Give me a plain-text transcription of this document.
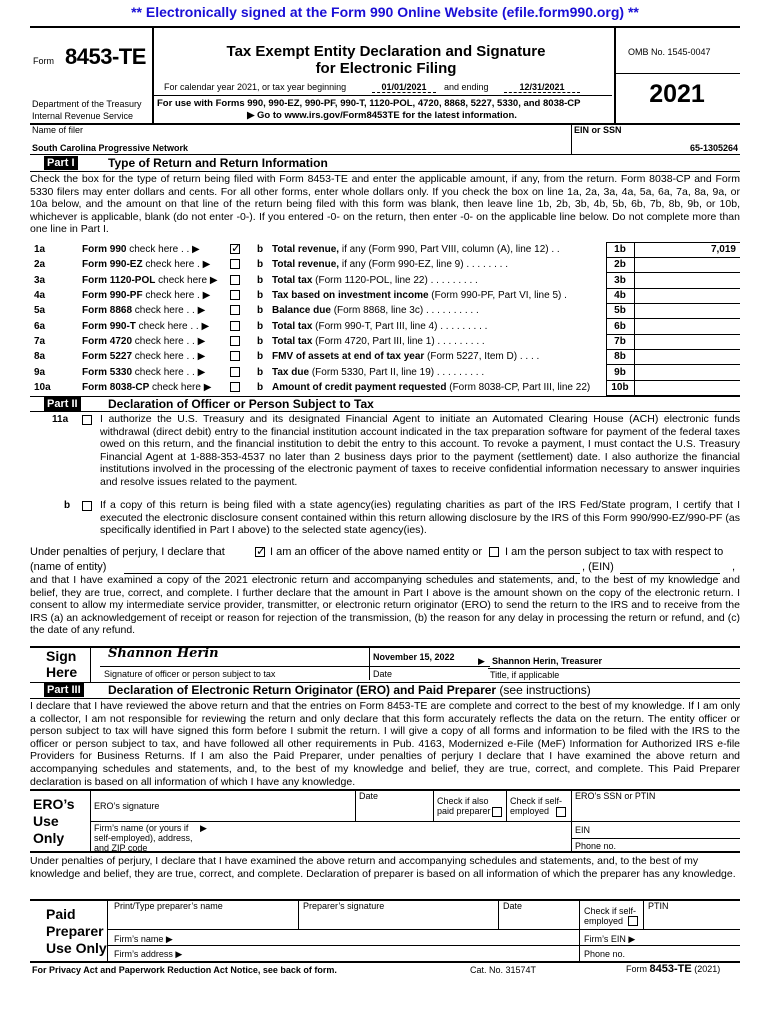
** Electronically signed at the Form 990 Online Website (efile.form990.org) **
Form 8453-TE
Department of the Treasury
Internal Revenue Service
Tax Exempt Entity Declaration and Signature
for Electronic Filing
For calendar year 2021, or tax year beginning	01/01/2021	and ending	12/31/2021
For use with Forms 990, 990-EZ, 990-PF, 990-T, 1120-POL, 4720, 8868, 5227, 5330, and 8038-CP
▶ Go to www.irs.gov/Form8453TE for the latest information.
OMB No. 1545-0047
2021
Name of filer
South Carolina Progressive Network
EIN or SSN
65-1305264
Part I	Type of Return and Return Information
Check the box for the type of return being filed with Form 8453-TE and enter the applicable amount, if any, from the return. Form 8038-CP and Form 5330 filers may enter dollars and cents. For all other forms, enter whole dollars only. If you check the box on line 1a, 2a, 3a, 4a, 5a, 6a, 7a, 8a, 9a, or 10a below, and the amount on that line of the return being filed with this form was blank, then leave line 1b, 2b, 3b, 4b, 5b, 6b, 7b, 8b, 9b, or 10b, whichever is applicable, blank (do not enter -0-). If you entered -0- on the return, then enter -0- on the applicable line below. Do not complete more than one line in Part I.
1a	Form 990 check here . . ▶ ✓	b Total revenue, if any (Form 990, Part VIII, column (A), line 12) . .	1b	7,019
2a	Form 990-EZ check here . ▶	b Total revenue, if any (Form 990-EZ, line 9) . . . . . . . .	2b
3a	Form 1120-POL check here ▶	b Total tax (Form 1120-POL, line 22) . . . . . . . . .	3b
4a	Form 990-PF check here . ▶	b Tax based on investment income (Form 990-PF, Part VI, line 5) .	4b
5a	Form 8868 check here . . ▶	b Balance due (Form 8868, line 3c) . . . . . . . . . .	5b
6a	Form 990-T check here . . ▶	b Total tax (Form 990-T, Part III, line 4) . . . . . . . . .	6b
7a	Form 4720 check here . . ▶	b Total tax (Form 4720, Part III, line 1) . . . . . . . . .	7b
8a	Form 5227 check here . . ▶	b FMV of assets at end of tax year (Form 5227, Item D) . . . .	8b
9a	Form 5330 check here . . ▶	b Tax due (Form 5330, Part II, line 19) . . . . . . . . .	9b
10a	Form 8038-CP check here ▶	b Amount of credit payment requested (Form 8038-CP, Part III, line 22)	10b
Part II	Declaration of Officer or Person Subject to Tax
11a	I authorize the U.S. Treasury and its designated Financial Agent to initiate an Automated Clearing House (ACH) electronic funds withdrawal (direct debit) entry to the financial institution account indicated in the tax preparation software for payment of the federal taxes owed on this return, and the financial institution to debit the entry to this account. To revoke a payment, I must contact the U.S. Treasury Financial Agent at 1-888-353-4537 no later than 2 business days prior to the payment (settlement) date. I also authorize the financial institutions involved in the processing of the electronic payment of taxes to receive confidential information necessary to answer inquiries and resolve issues related to the payment.
b	If a copy of this return is being filed with a state agency(ies) regulating charities as part of the IRS Fed/State program, I certify that I executed the electronic disclosure consent contained within this return allowing disclosure by the IRS of this Form 990/990-EZ/990-PF (as specifically identified in Part I above) to the selected state agency(ies).
Under penalties of perjury, I declare that ✓	I am an officer of the above named entity or I am the person subject to tax with respect to
(name of entity)	, (EIN)	,
and that I have examined a copy of the 2021 electronic return and accompanying schedules and statements, and, to the best of my knowledge and belief, they are true, correct, and complete. I further declare that the amount in Part I above is the amount shown on the copy of the electronic return. I consent to allow my intermediate service provider, transmitter, or electronic return originator (ERO) to send the return to the IRS and to receive from the IRS (a) an acknowledgement of receipt or reason for rejection of the transmission, (b) the reason for any delay in processing the return or refund, and (c) the date of any refund.
Sign
Here
Shannon Herin
Signature of officer or person subject to tax
November 15, 2022
Date
▶ Shannon Herin, Treasurer
Title, if applicable
Part III Declaration of Electronic Return Originator (ERO) and Paid Preparer (see instructions)
I declare that I have reviewed the above return and that the entries on Form 8453-TE are complete and correct to the best of my knowledge. If I am only a collector, I am not responsible for reviewing the return and only declare that this form accurately reflects the data on the return. The entity officer or person subject to tax will have signed this form before I submit the return. I will give a copy of all forms and information to be filed with the IRS to the officer or person subject to tax, and have followed all other requirements in Pub. 4163, Modernized e-File (MeF) Information for Authorized IRS e-file Providers for Business Returns. If I am also the Paid Preparer, under penalties of perjury I declare that I have examined the above return and accompanying schedules and statements, and, to the best of my knowledge and belief, they are true, correct, and complete. This Paid Preparer declaration is based on all information of which I have any knowledge.
ERO’s
Use
Only
ERO’s signature
Date	Check if also paid preparer
Check if self-employed
ERO’s SSN or PTIN
Firm’s name (or yours if self-employed), address, and ZIP code
▶	EIN
Phone no.
Under penalties of perjury, I declare that I have examined the above return and accompanying schedules and statements, and, to the best of my knowledge and belief, they are true, correct, and complete. Declaration of preparer is based on all information of which the preparer has any knowledge.
Paid
Preparer
Use Only
Print/Type preparer’s name	Preparer’s signature	Date	Check if self-employed
PTIN
Firm’s name ▶	Firm’s EIN ▶
Firm’s address ▶	Phone no.
For Privacy Act and Paperwork Reduction Act Notice, see back of form.	Cat. No. 31574T	Form 8453-TE (2021)
